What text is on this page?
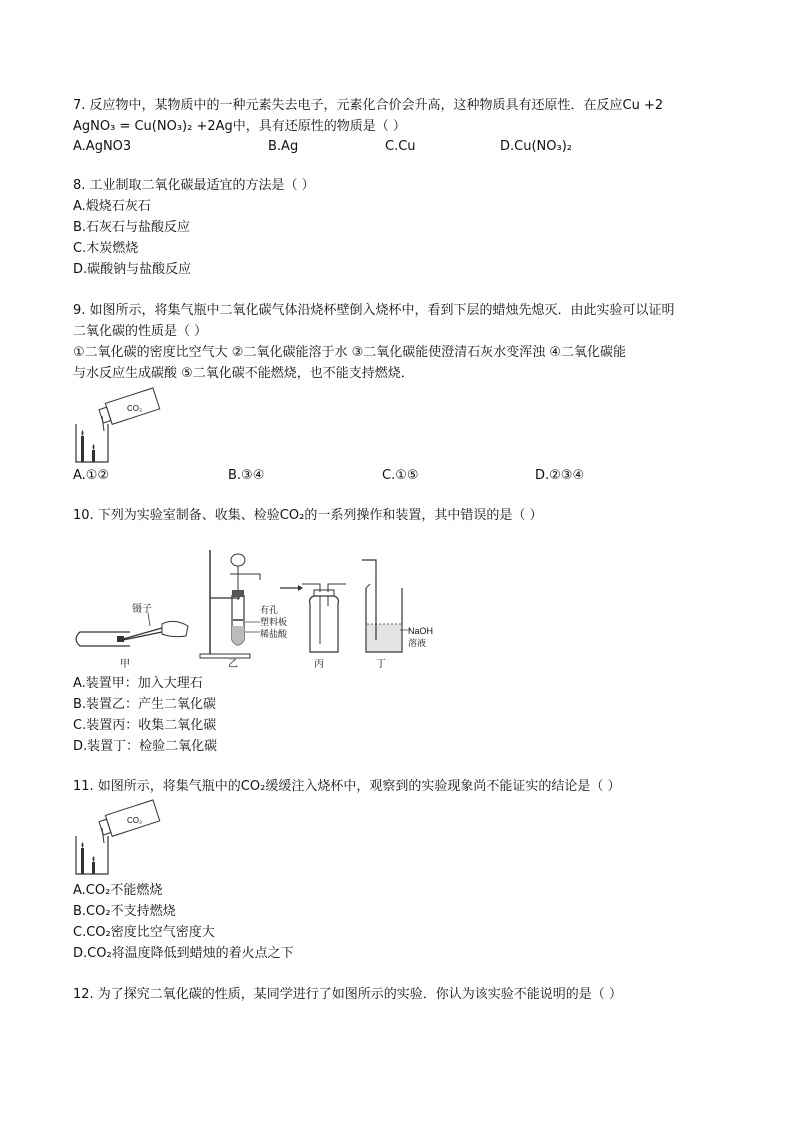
7. 反应物中，某物质中的一种元素失去电子，元素化合价会升高，这种物质具有还原性．在反应Cu +2
AgNO₃ = Cu(NO₃)₂ +2Ag中，具有还原性的物质是（ ）
A.AgNO3	B.Ag	C.Cu	D.Cu(NO₃)₂
8. 工业制取二氧化碳最适宜的方法是（ ）
A.煅烧石灰石
B.石灰石与盐酸反应
C.木炭燃烧
D.碳酸钠与盐酸反应
9. 如图所示，将集气瓶中二氧化碳气体沿烧杯壁倒入烧杯中，看到下层的蜡烛先熄灭．由此实验可以证明
二氧化碳的性质是（ ）
①二氧化碳的密度比空气大 ②二氧化碳能溶于水 ③二氧化碳能使澄清石灰水变浑浊 ④二氧化碳能
与水反应生成碳酸 ⑤二氧化碳不能燃烧，也不能支持燃烧．
CO₂
A.①②	B.③④	C.①⑤	D.②③④
10. 下列为实验室制备、收集、检验CO₂的一系列操作和装置，其中错误的是（ ）
镊子
甲	乙
有孔
塑料板
稀盐酸
丙
NaOH
溶液
丁
A.装置甲：加入大理石
B.装置乙：产生二氧化碳
C.装置丙：收集二氧化碳
D.装置丁：检验二氧化碳
11. 如图所示，将集气瓶中的CO₂缓缓注入烧杯中，观察到的实验现象尚不能证实的结论是（ ）
CO₂
A.CO₂不能燃烧
B.CO₂不支持燃烧
C.CO₂密度比空气密度大
D.CO₂将温度降低到蜡烛的着火点之下
12. 为了探究二氧化碳的性质，某同学进行了如图所示的实验．你认为该实验不能说明的是（ ）
